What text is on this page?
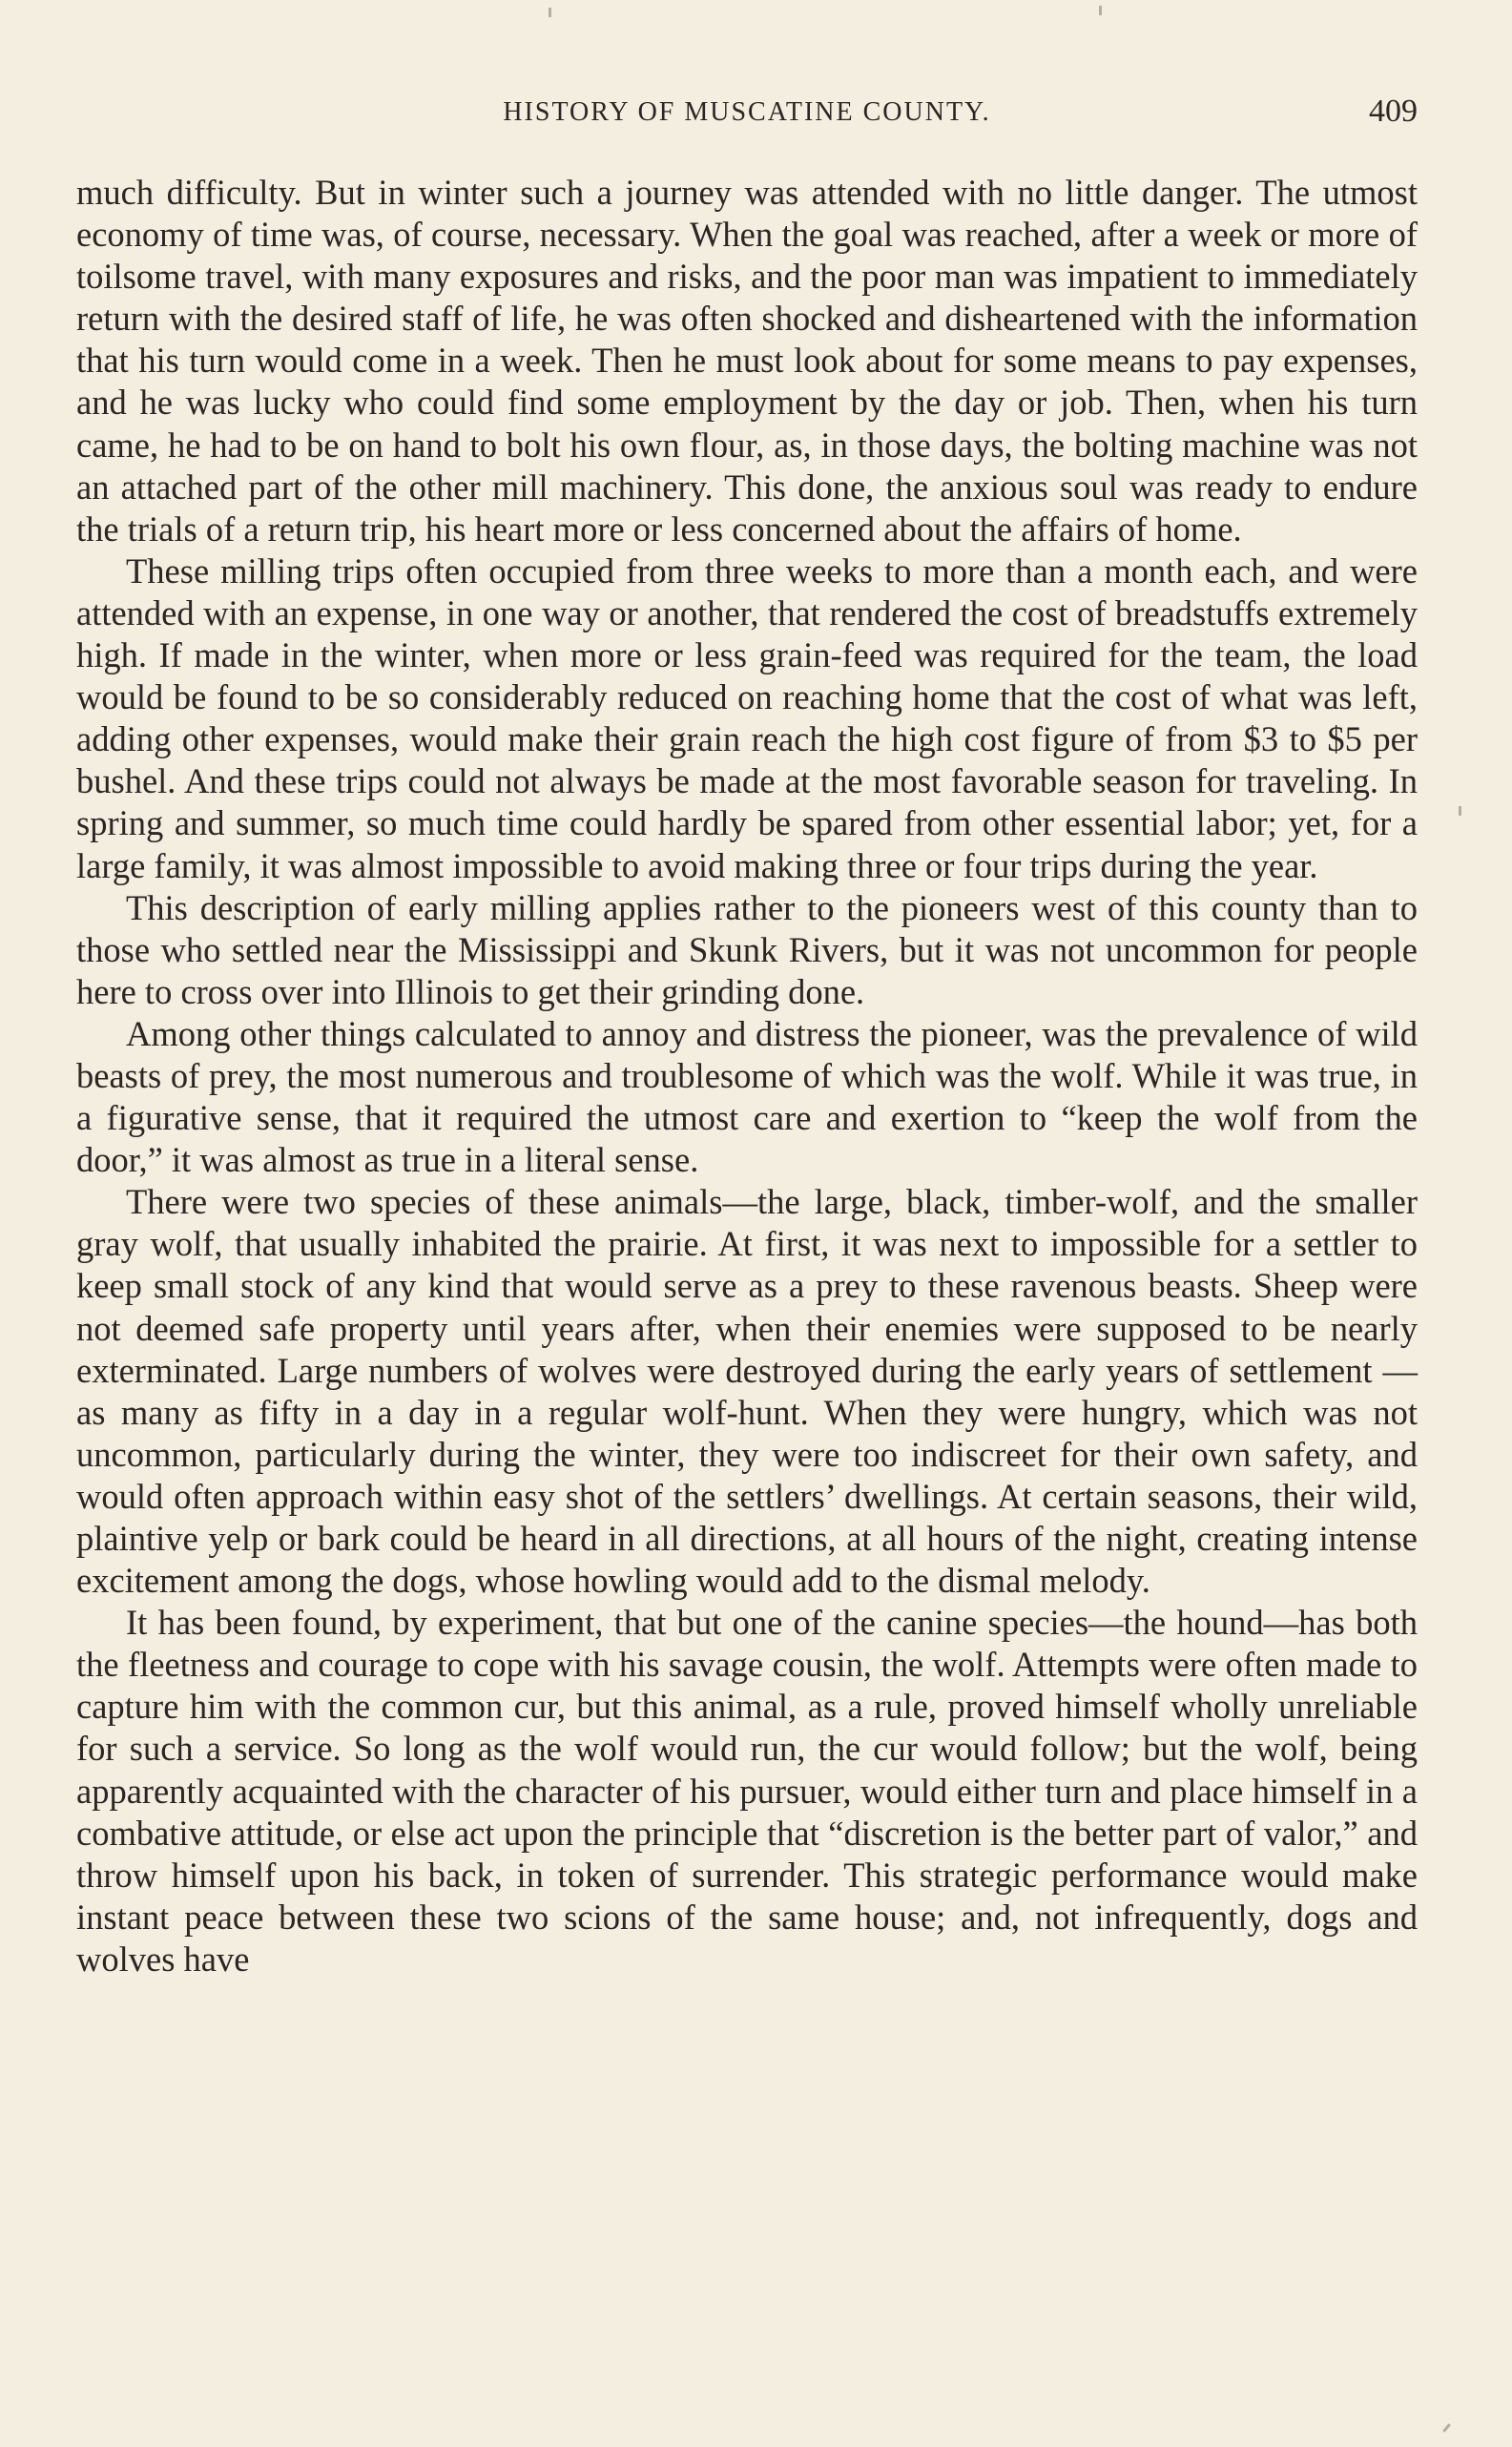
HISTORY OF MUSCATINE COUNTY.	409

much difficulty. But in winter such a journey was attended with no little danger. The utmost economy of time was, of course, necessary. When the goal was reached, after a week or more of toilsome travel, with many exposures and risks, and the poor man was impatient to immediately return with the desired staff of life, he was often shocked and disheartened with the information that his turn would come in a week. Then he must look about for some means to pay expenses, and he was lucky who could find some employment by the day or job. Then, when his turn came, he had to be on hand to bolt his own flour, as, in those days, the bolting machine was not an attached part of the other mill machinery. This done, the anxious soul was ready to endure the trials of a return trip, his heart more or less concerned about the affairs of home.

These milling trips often occupied from three weeks to more than a month each, and were attended with an expense, in one way or another, that rendered the cost of breadstuffs extremely high. If made in the winter, when more or less grain-feed was required for the team, the load would be found to be so considerably reduced on reaching home that the cost of what was left, adding other expenses, would make their grain reach the high cost figure of from $3 to $5 per bushel. And these trips could not always be made at the most favorable season for traveling. In spring and summer, so much time could hardly be spared from other essential labor; yet, for a large family, it was almost impossible to avoid making three or four trips during the year.

This description of early milling applies rather to the pioneers west of this county than to those who settled near the Mississippi and Skunk Rivers, but it was not uncommon for people here to cross over into Illinois to get their grinding done.

Among other things calculated to annoy and distress the pioneer, was the prevalence of wild beasts of prey, the most numerous and troublesome of which was the wolf. While it was true, in a figurative sense, that it required the utmost care and exertion to “keep the wolf from the door,” it was almost as true in a literal sense.

There were two species of these animals—the large, black, timber-wolf, and the smaller gray wolf, that usually inhabited the prairie. At first, it was next to impossible for a settler to keep small stock of any kind that would serve as a prey to these ravenous beasts. Sheep were not deemed safe property until years after, when their enemies were supposed to be nearly exterminated. Large numbers of wolves were destroyed during the early years of settlement —as many as fifty in a day in a regular wolf-hunt. When they were hungry, which was not uncommon, particularly during the winter, they were too indiscreet for their own safety, and would often approach within easy shot of the settlers’ dwellings. At certain seasons, their wild, plaintive yelp or bark could be heard in all directions, at all hours of the night, creating intense excitement among the dogs, whose howling would add to the dismal melody.

It has been found, by experiment, that but one of the canine species—the hound—has both the fleetness and courage to cope with his savage cousin, the wolf. Attempts were often made to capture him with the common cur, but this animal, as a rule, proved himself wholly unreliable for such a service. So long as the wolf would run, the cur would follow; but the wolf, being apparently acquainted with the character of his pursuer, would either turn and place himself in a combative attitude, or else act upon the principle that “discretion is the better part of valor,” and throw himself upon his back, in token of surrender. This strategic performance would make instant peace between these two scions of the same house; and, not infrequently, dogs and wolves have
